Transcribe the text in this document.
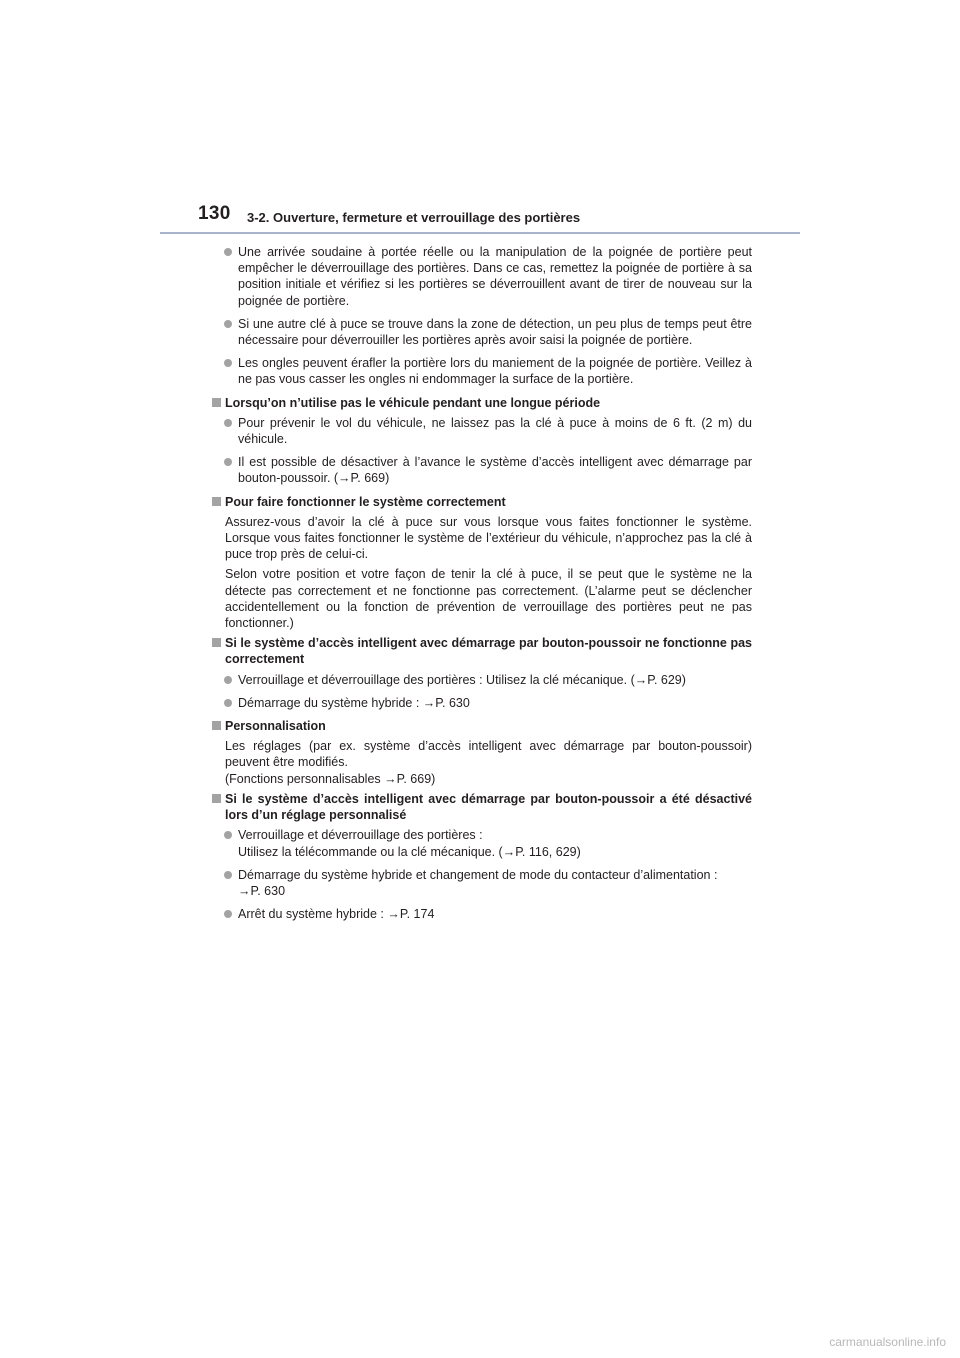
130 3-2. Ouverture, fermeture et verrouillage des portières
Une arrivée soudaine à portée réelle ou la manipulation de la poignée de portière peut empêcher le déverrouillage des portières. Dans ce cas, remettez la poignée de portière à sa position initiale et vérifiez si les portières se déverrouillent avant de tirer de nouveau sur la poignée de portière.
Si une autre clé à puce se trouve dans la zone de détection, un peu plus de temps peut être nécessaire pour déverrouiller les portières après avoir saisi la poignée de portière.
Les ongles peuvent érafler la portière lors du maniement de la poignée de portière. Veillez à ne pas vous casser les ongles ni endommager la surface de la portière.
Lorsqu’on n’utilise pas le véhicule pendant une longue période
Pour prévenir le vol du véhicule, ne laissez pas la clé à puce à moins de 6 ft. (2 m) du véhicule.
Il est possible de désactiver à l’avance le système d’accès intelligent avec démarrage par bouton-poussoir. (→P. 669)
Pour faire fonctionner le système correctement
Assurez-vous d’avoir la clé à puce sur vous lorsque vous faites fonctionner le système. Lorsque vous faites fonctionner le système de l’extérieur du véhicule, n’approchez pas la clé à puce trop près de celui-ci.
Selon votre position et votre façon de tenir la clé à puce, il se peut que le système ne la détecte pas correctement et ne fonctionne pas correctement. (L’alarme peut se déclencher accidentellement ou la fonction de prévention de verrouillage des portières peut ne pas fonctionner.)
Si le système d’accès intelligent avec démarrage par bouton-poussoir ne fonctionne pas correctement
Verrouillage et déverrouillage des portières : Utilisez la clé mécanique. (→P. 629)
Démarrage du système hybride : →P. 630
Personnalisation
Les réglages (par ex. système d’accès intelligent avec démarrage par bouton-poussoir) peuvent être modifiés.
(Fonctions personnalisables →P. 669)
Si le système d’accès intelligent avec démarrage par bouton-poussoir a été désactivé lors d’un réglage personnalisé
Verrouillage et déverrouillage des portières :
Utilisez la télécommande ou la clé mécanique. (→P. 116, 629)
Démarrage du système hybride et changement de mode du contacteur d’alimentation :
→P. 630
Arrêt du système hybride : →P. 174
carmanualsonline.info
